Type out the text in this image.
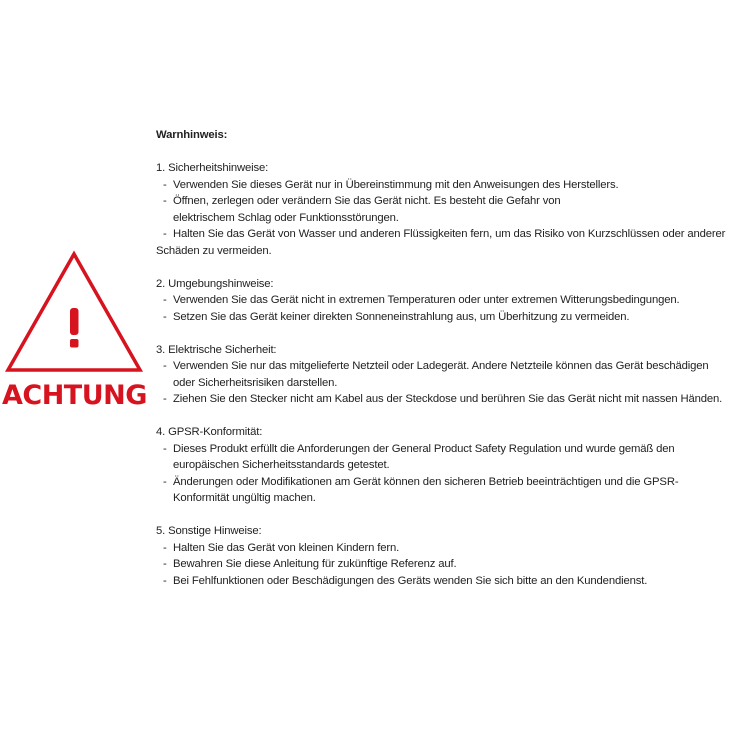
ACHTUNG
Warnhinweis:
1. Sicherheitshinweise:
- Verwenden Sie dieses Gerät nur in Übereinstimmung mit den Anweisungen des Herstellers.
- Öffnen, zerlegen oder verändern Sie das Gerät nicht. Es besteht die Gefahr von elektrischem Schlag oder Funktionsstörungen.
- Halten Sie das Gerät von Wasser und anderen Flüssigkeiten fern, um das Risiko von Kurzschlüssen oder anderer Schäden zu vermeiden.
2. Umgebungshinweise:
- Verwenden Sie das Gerät nicht in extremen Temperaturen oder unter extremen Witterungsbedingungen.
- Setzen Sie das Gerät keiner direkten Sonneneinstrahlung aus, um Überhitzung zu vermeiden.
3. Elektrische Sicherheit:
- Verwenden Sie nur das mitgelieferte Netzteil oder Ladegerät. Andere Netzteile können das Gerät beschädigen oder Sicherheitsrisiken darstellen.
- Ziehen Sie den Stecker nicht am Kabel aus der Steckdose und berühren Sie das Gerät nicht mit nassen Händen.
4. GPSR-Konformität:
- Dieses Produkt erfüllt die Anforderungen der General Product Safety Regulation und wurde gemäß den europäischen Sicherheitsstandards getestet.
- Änderungen oder Modifikationen am Gerät können den sicheren Betrieb beeinträchtigen und die GPSR-Konformität ungültig machen.
5. Sonstige Hinweise:
- Halten Sie das Gerät von kleinen Kindern fern.
- Bewahren Sie diese Anleitung für zukünftige Referenz auf.
- Bei Fehlfunktionen oder Beschädigungen des Geräts wenden Sie sich bitte an den Kundendienst.
